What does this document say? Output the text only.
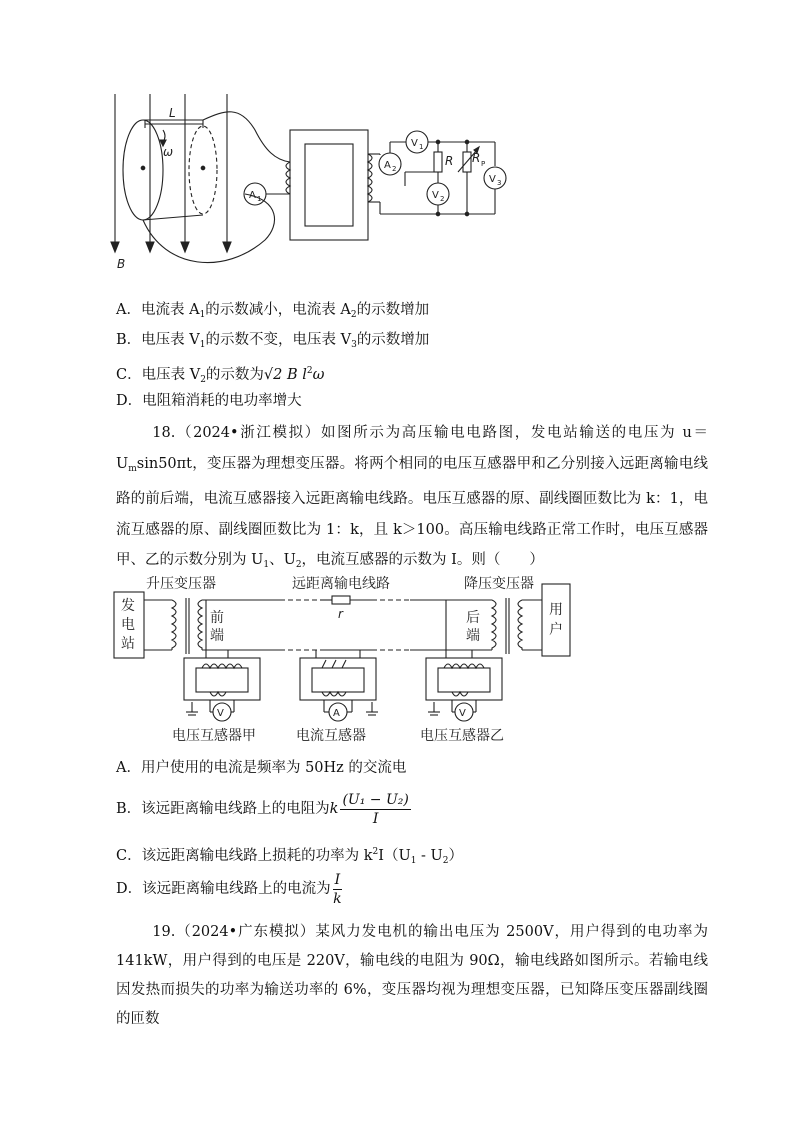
L
ω
B
A 1
A 2
V 1
R
V 2
R P
V 3
A．电流表 $A_1$的示数减小，电流表 $A_2$的示数增加
B．电压表 $V_1$的示数不变，电压表 $V_3$的示数增加
C．电压表 $V_2$的示数为√2 B $l^2\omega$
D．电阻箱消耗的电功率增大
18.（2024•浙江模拟）如图所示为高压输电电路图，发电站输送的电压为 $u=U_m\sin 50\pi t$，变压器为理想变压器。将两个相同的电压互感器甲和乙分别接入远距离输电线路的前后端，电流互感器接入远距离输电线路。电压互感器的原、副线圈匝数比为 k：1，电流互感器的原、副线圈匝数比为 1：k，且 k＞100。高压输电线路正常工作时，电压互感器甲、乙的示数分别为 $U_1$、$U_2$，电流互感器的示数为 I。则（　　）
升压变压器	远距离输电线路	降压变压器
发
电
站
前
端
r	后
端
用
户
V	A	V
电压互感器甲	电流互感器	电压互感器乙
A．用户使用的电流是频率为 50Hz 的交流电
B．该远距离输电线路上的电阻为k $\frac{\text{(U₁ − U₂)}}{I}$
C．该远距离输电线路上损耗的功率为 $k^2I(U_1 - U_2)$
D．该远距离输电线路上的电流为 $\frac{I}{k}$
19.（2024•广东模拟）某风力发电机的输出电压为 2500V，用户得到的电功率为 141kW，用户得到的电压是 220V，输电线的电阻为 90Ω，输电线路如图所示。若输电线因发热而损失的功率为输送功率的 6%，变压器均视为理想变压器，已知降压变压器副线圈的匝数
